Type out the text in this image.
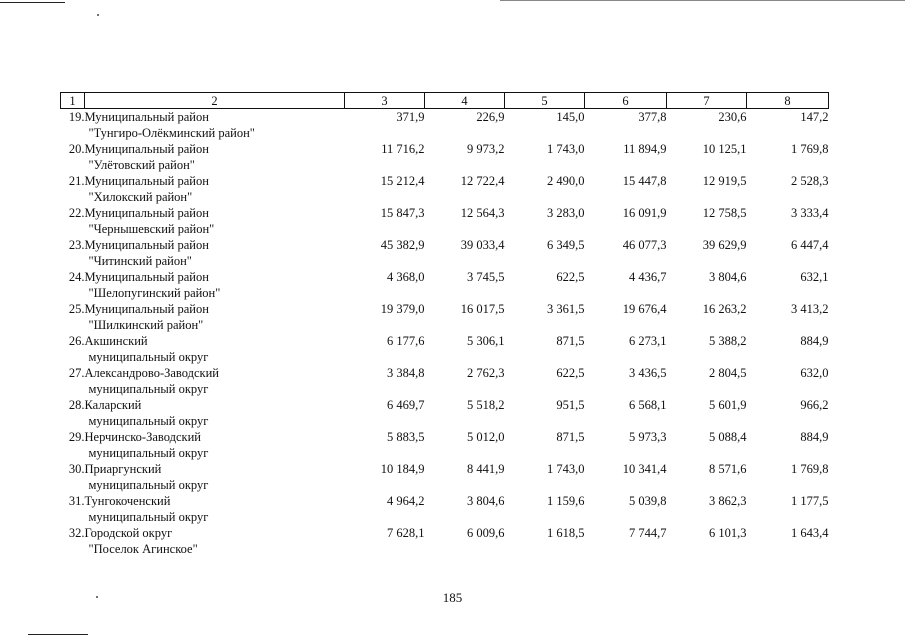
1	2	3	4	5	6	7	8
19.	Муниципальный район
"Тунгиро-Олёкминский район"	371,9	226,9	145,0	377,8	230,6	147,2
20.	Муниципальный район
"Улётовский район"	11 716,2	9 973,2	1 743,0	11 894,9	10 125,1	1 769,8
21.	Муниципальный район
"Хилокский район"	15 212,4	12 722,4	2 490,0	15 447,8	12 919,5	2 528,3
22.	Муниципальный район
"Чернышевский район"	15 847,3	12 564,3	3 283,0	16 091,9	12 758,5	3 333,4
23.	Муниципальный район
"Читинский район"	45 382,9	39 033,4	6 349,5	46 077,3	39 629,9	6 447,4
24.	Муниципальный район
"Шелопугинский район"	4 368,0	3 745,5	622,5	4 436,7	3 804,6	632,1
25.	Муниципальный район
"Шилкинский район"	19 379,0	16 017,5	3 361,5	19 676,4	16 263,2	3 413,2
26.	Акшинский
муниципальный округ	6 177,6	5 306,1	871,5	6 273,1	5 388,2	884,9
27.	Александрово-Заводский
муниципальный округ	3 384,8	2 762,3	622,5	3 436,5	2 804,5	632,0
28.	Каларский
муниципальный округ	6 469,7	5 518,2	951,5	6 568,1	5 601,9	966,2
29.	Нерчинско-Заводский
муниципальный округ	5 883,5	5 012,0	871,5	5 973,3	5 088,4	884,9
30.	Приаргунский
муниципальный округ	10 184,9	8 441,9	1 743,0	10 341,4	8 571,6	1 769,8
31.	Тунгокоченский
муниципальный округ	4 964,2	3 804,6	1 159,6	5 039,8	3 862,3	1 177,5
32.	Городской округ
"Поселок Агинское"	7 628,1	6 009,6	1 618,5	7 744,7	6 101,3	1 643,4
185
